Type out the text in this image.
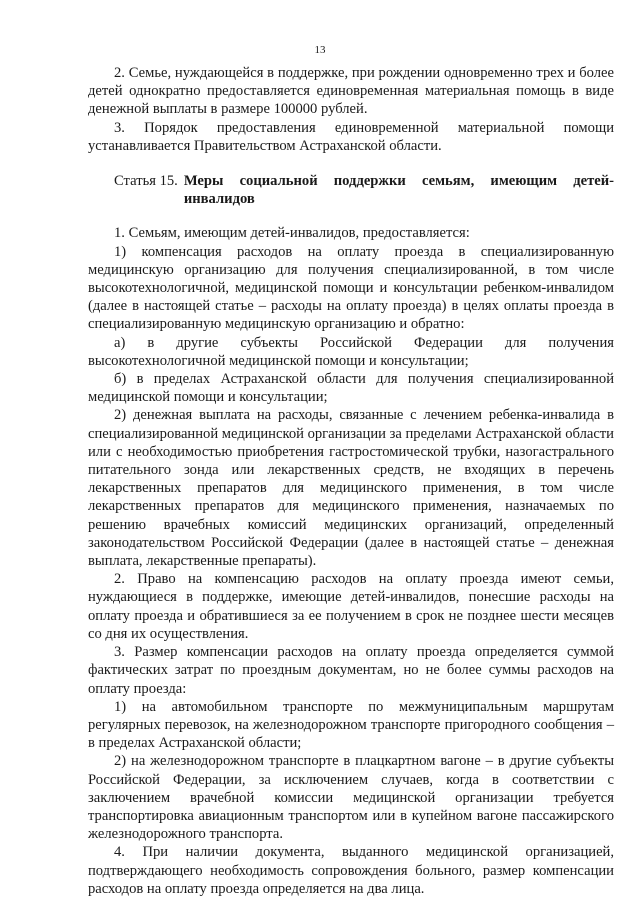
13

2. Семье, нуждающейся в поддержке, при рождении одновременно трех и более детей однократно предоставляется единовременная материальная помощь в виде денежной выплаты в размере 100000 рублей.

3. Порядок предоставления единовременной материальной помощи устанавливается Правительством Астраханской области.

Статья 15. Меры социальной поддержки семьям, имеющим детей-инвалидов

1. Семьям, имеющим детей-инвалидов, предоставляется:

1) компенсация расходов на оплату проезда в специализированную медицинскую организацию для получения специализированной, в том числе высокотехнологичной, медицинской помощи и консультации ребенком-инвалидом (далее в настоящей статье – расходы на оплату проезда) в целях оплаты проезда в специализированную медицинскую организацию и обратно:

а) в другие субъекты Российской Федерации для получения высокотехнологичной медицинской помощи и консультации;

б) в пределах Астраханской области для получения специализированной медицинской помощи и консультации;

2) денежная выплата на расходы, связанные с лечением ребенка-инвалида в специализированной медицинской организации за пределами Астраханской области или с необходимостью приобретения гастростомической трубки, назогастрального питательного зонда или лекарственных средств, не входящих в перечень лекарственных препаратов для медицинского применения, в том числе лекарственных препаратов для медицинского применения, назначаемых по решению врачебных комиссий медицинских организаций, определенный законодательством Российской Федерации (далее в настоящей статье – денежная выплата, лекарственные препараты).

2. Право на компенсацию расходов на оплату проезда имеют семьи, нуждающиеся в поддержке, имеющие детей-инвалидов, понесшие расходы на оплату проезда и обратившиеся за ее получением в срок не позднее шести месяцев со дня их осуществления.

3. Размер компенсации расходов на оплату проезда определяется суммой фактических затрат по проездным документам, но не более суммы расходов на оплату проезда:

1) на автомобильном транспорте по межмуниципальным маршрутам регулярных перевозок, на железнодорожном транспорте пригородного сообщения – в пределах Астраханской области;

2) на железнодорожном транспорте в плацкартном вагоне – в другие субъекты Российской Федерации, за исключением случаев, когда в соответствии с заключением врачебной комиссии медицинской организации требуется транспортировка авиационным транспортом или в купейном вагоне пассажирского железнодорожного транспорта.

4. При наличии документа, выданного медицинской организацией, подтверждающего необходимость сопровождения больного, размер компенсации расходов на оплату проезда определяется на два лица.
